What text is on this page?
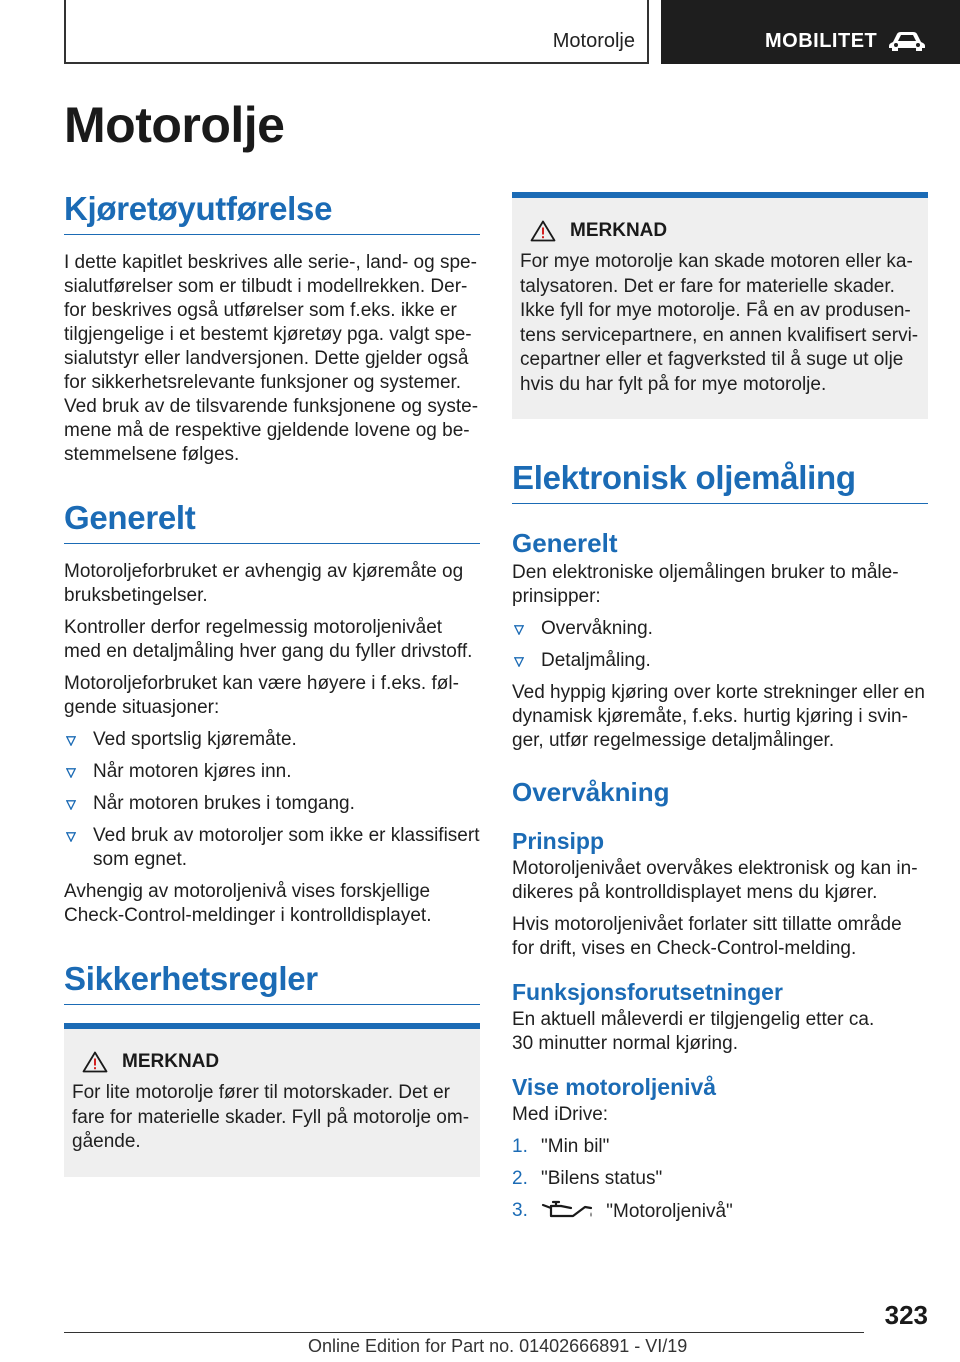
Motorolje	MOBILITET
Motorolje
Kjøretøyutførelse

I dette kapitlet beskrives alle serie-, land- og spe-
sialutførelser som er tilbudt i modellrekken. Der-
for beskrives også utførelser som f.eks. ikke er
tilgjengelige i et bestemt kjøretøy pga. valgt spe-
sialutstyr eller landversjonen. Dette gjelder også
for sikkerhetsrelevante funksjoner og systemer.
Ved bruk av de tilsvarende funksjonene og syste-
mene må de respektive gjeldende lovene og be-
stemmelsene følges.

Generelt

Motoroljeforbruket er avhengig av kjøremåte og
bruksbetingelser.

Kontroller derfor regelmessig motoroljenivået
med en detaljmåling hver gang du fyller drivstoff.

Motoroljeforbruket kan være høyere i f.eks. føl-
gende situasjoner:

Ved sportslig kjøremåte.
Når motoren kjøres inn.
Når motoren brukes i tomgang.
Ved bruk av motoroljer som ikke er klassifisert
som egnet.

Avhengig av motoroljenivå vises forskjellige
Check-Control-meldinger i kontrolldisplayet.

Sikkerhetsregler
MERKNAD

For lite motorolje fører til motorskader. Det er
fare for materielle skader. Fyll på motorolje om-
gående.

MERKNAD

For mye motorolje kan skade motoren eller ka-
talysatoren. Det er fare for materielle skader.
Ikke fyll for mye motorolje. Få en av produsen-
tens servicepartnere, en annen kvalifisert servi-
cepartner eller et fagverksted til å suge ut olje
hvis du har fylt på for mye motorolje.

Elektronisk oljemåling
Generelt

Den elektroniske oljemålingen bruker to måle-
prinsipper:

Overvåkning.
Detaljmåling.

Ved hyppig kjøring over korte strekninger eller en
dynamisk kjøremåte, f.eks. hurtig kjøring i svin-
ger, utfør regelmessige detaljmålinger.

Overvåkning
Prinsipp

Motoroljenivået overvåkes elektronisk og kan in-
dikeres på kontrolldisplayet mens du kjører.

Hvis motoroljenivået forlater sitt tillatte område
for drift, vises en Check-Control-melding.

Funksjonsforutsetninger

En aktuell måleverdi er tilgjengelig etter ca.
30 minutter normal kjøring.

Vise motoroljenivå

Med iDrive:

1. "Min bil"
2. "Bilens status"
3.	"Motoroljenivå"
323
Online Edition for Part no. 01402666891 - VI/19
